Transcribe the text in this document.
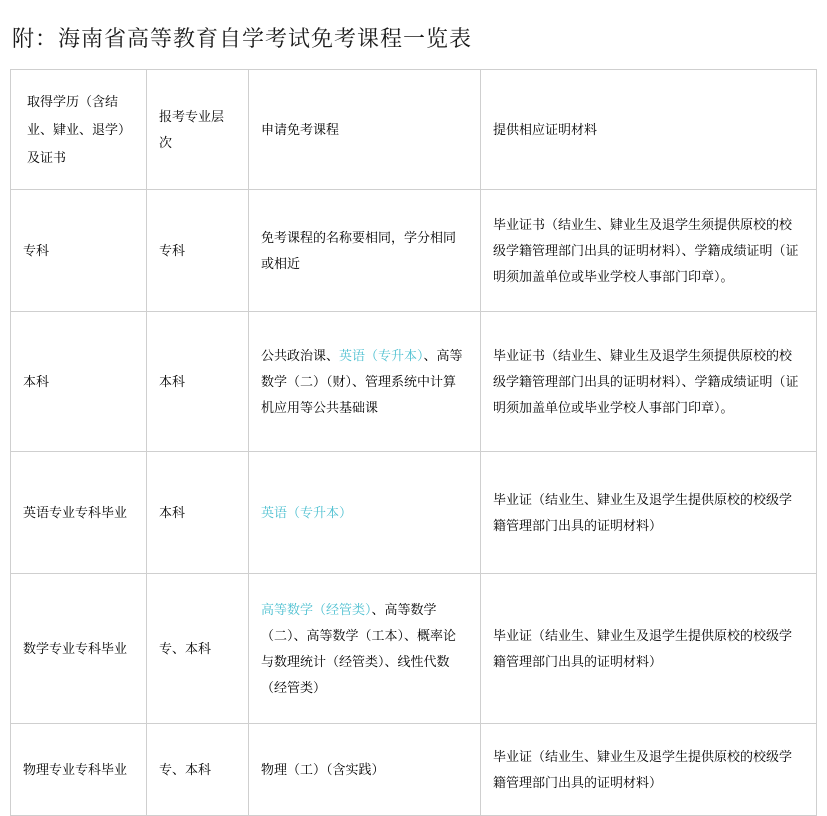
附：海南省高等教育自学考试免考课程一览表
取得学历（含结业、肄业、退学）及证书	报考专业层次	申请免考课程	提供相应证明材料
专科	专科	免考课程的名称要相同，学分相同或相近	毕业证书（结业生、肄业生及退学生须提供原校的校级学籍管理部门出具的证明材料）、学籍成绩证明（证明须加盖单位或毕业学校人事部门印章）。
本科	本科	公共政治课、英语（专升本）、高等数学（二）（财）、管理系统中计算机应用等公共基础课	毕业证书（结业生、肄业生及退学生须提供原校的校级学籍管理部门出具的证明材料）、学籍成绩证明（证明须加盖单位或毕业学校人事部门印章）。
英语专业专科毕业	本科	英语（专升本）	毕业证（结业生、肄业生及退学生提供原校的校级学籍管理部门出具的证明材料）
数学专业专科毕业	专、本科	高等数学（经管类）、高等数学（二）、高等数学（工本）、概率论与数理统计（经管类）、线性代数（经管类）	毕业证（结业生、肄业生及退学生提供原校的校级学籍管理部门出具的证明材料）
物理专业专科毕业	专、本科	物理（工）（含实践）	毕业证（结业生、肄业生及退学生提供原校的校级学籍管理部门出具的证明材料）
